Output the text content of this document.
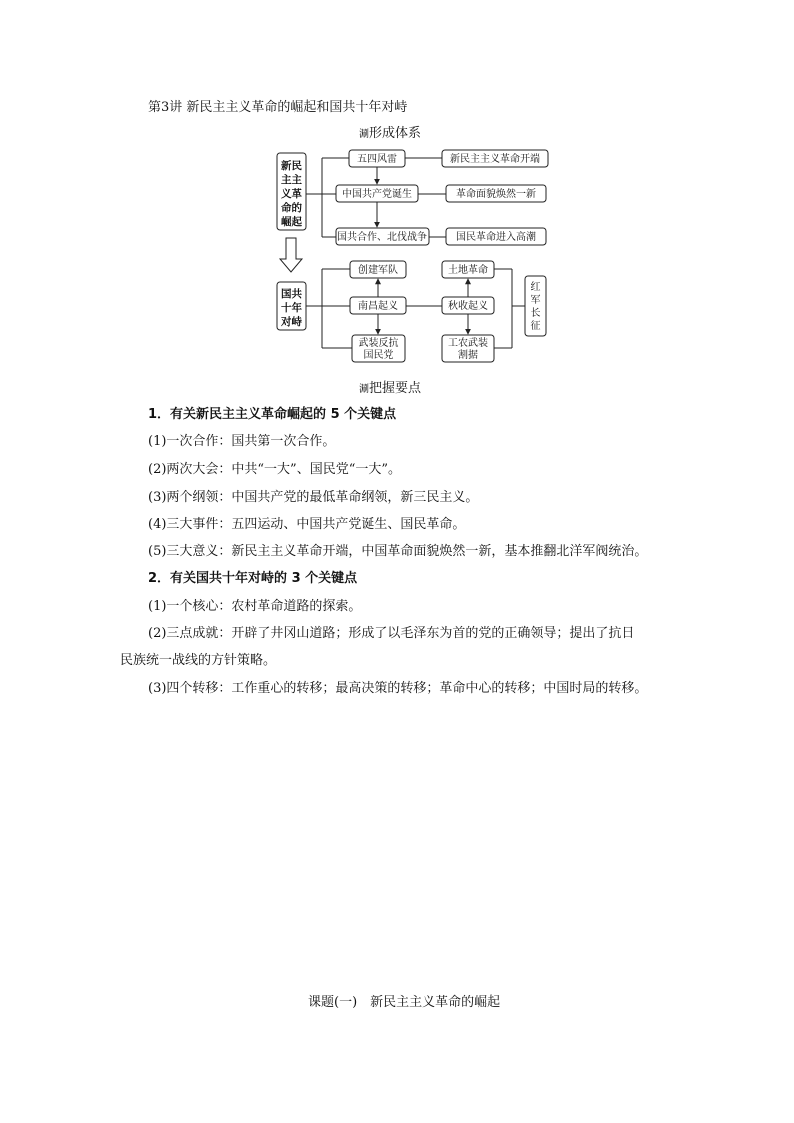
第3讲 新民主主义革命的崛起和国共十年对峙
涮形成体系
新民
主主
义革
命的
崛起
五四风雷
中国共产党诞生
国共合作、北伐战争
新民主主义革命开端
革命面貌焕然一新
国民革命进入高潮
国共
十年
对峙
创建军队
南昌起义
武装反抗
国民党
土地革命
秋收起义
工农武装
割据
红
军
长
征
涮把握要点
1．有关新民主主义革命崛起的 5 个关键点
(1)一次合作：国共第一次合作。
(2)两次大会：中共“一大”、国民党“一大”。
(3)两个纲领：中国共产党的最低革命纲领，新三民主义。
(4)三大事件：五四运动、中国共产党诞生、国民革命。
(5)三大意义：新民主主义革命开端，中国革命面貌焕然一新，基本推翻北洋军阀统治。
2．有关国共十年对峙的 3 个关键点
(1)一个核心：农村革命道路的探索。
(2)三点成就：开辟了井冈山道路；形成了以毛泽东为首的党的正确领导；提出了抗日
民族统一战线的方针策略。
(3)四个转移：工作重心的转移；最高决策的转移；革命中心的转移；中国时局的转移。
课题(一)　新民主主义革命的崛起
